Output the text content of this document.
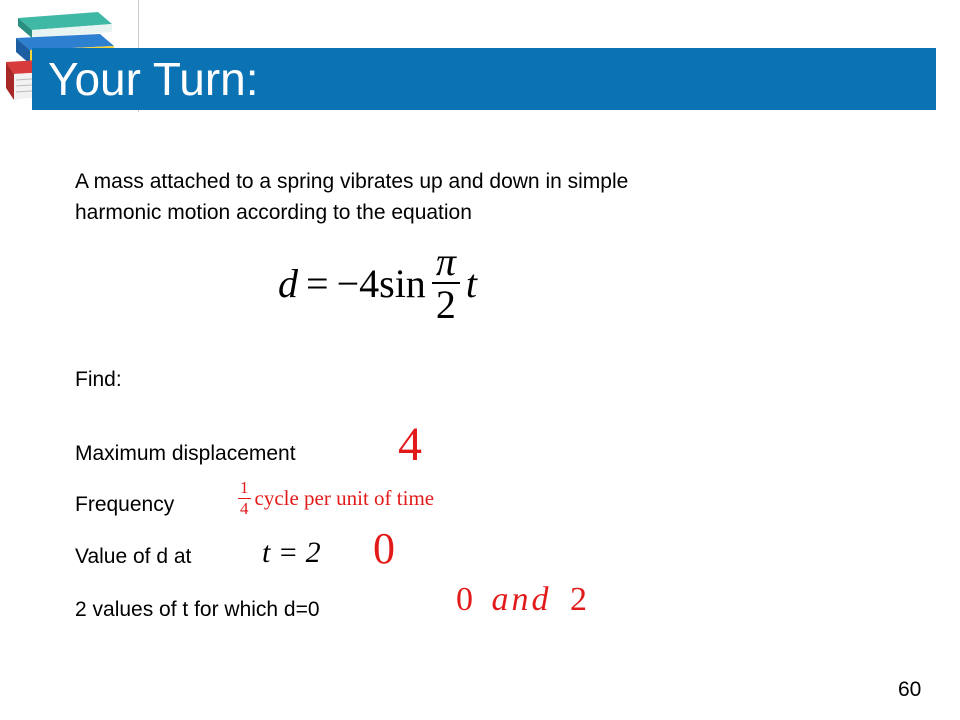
Your Turn:
A mass attached to a spring vibrates up and down in simple
harmonic motion according to the equation
d = −4 $\sin \frac{\pi}{2}$ t
Find:
Maximum displacement 4
Frequency	$\frac{1}{4}$ cycle per unit of time
Value of d at t = 2 0
2 values of t for which d=0	0 and 2
60
